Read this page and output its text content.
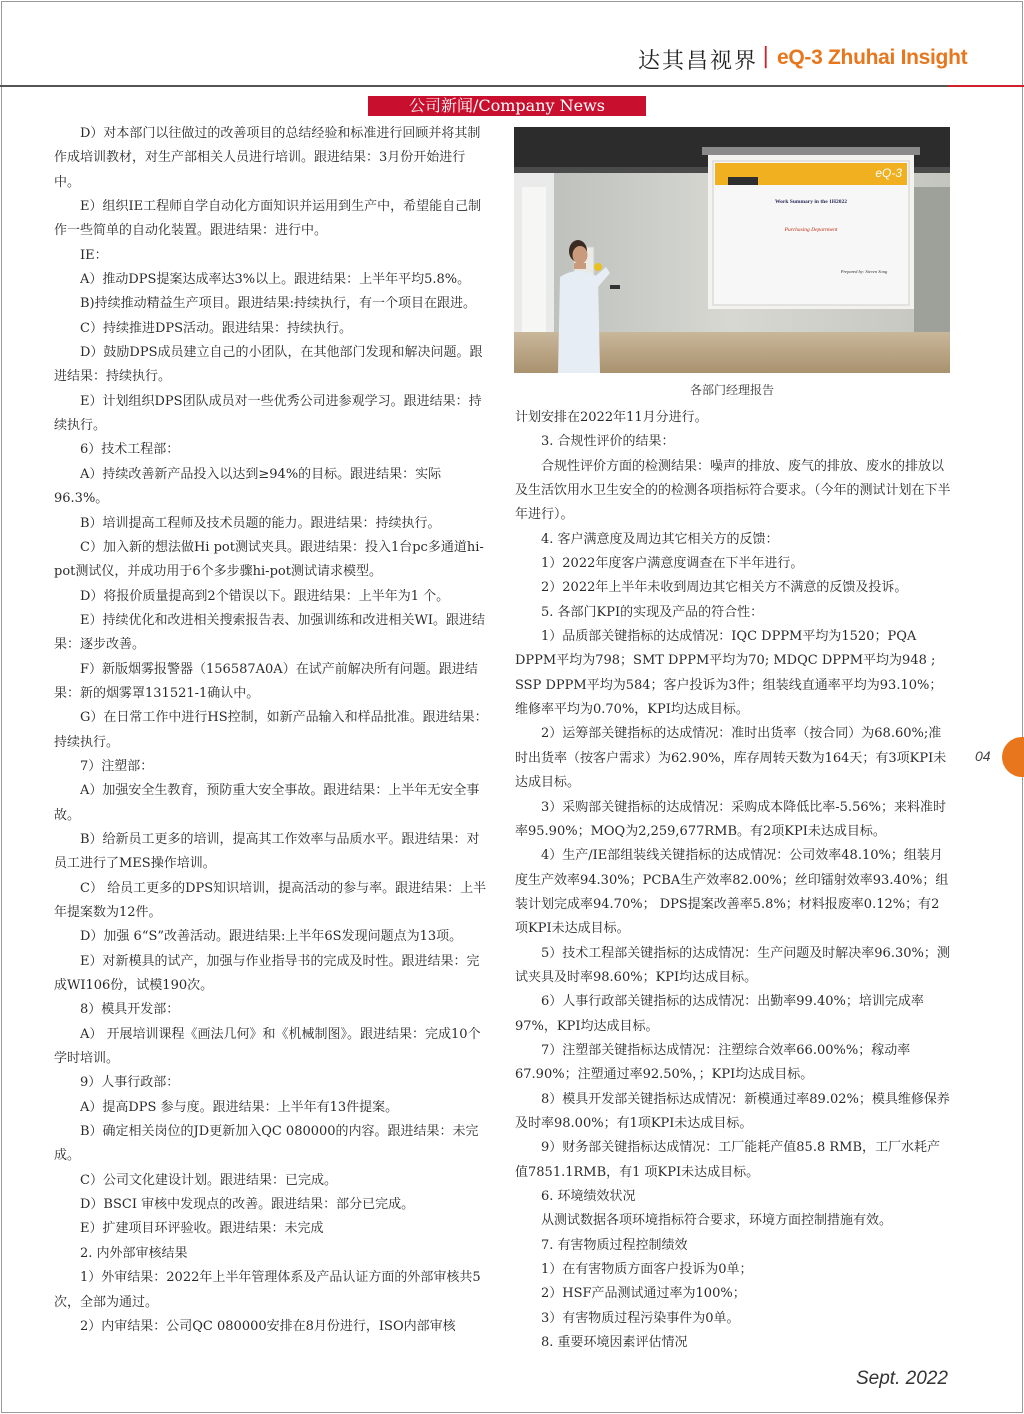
达其昌视界 | eQ-3 Zhuhai Insight
公司新闻/Company News

D）对本部门以往做过的改善项目的总结经验和标准进行回顾并将其制作成培训教材，对生产部相关人员进行培训。跟进结果：3月份开始进行中。

E）组织IE工程师自学自动化方面知识并运用到生产中，希望能自己制作一些简单的自动化装置。跟进结果：进行中。

IE：

A）推动DPS提案达成率达3%以上。跟进结果：上半年平均5.8%。

B)持续推动精益生产项目。跟进结果:持续执行，有一个项目在跟进。

C）持续推进DPS活动。跟进结果：持续执行。

D）鼓励DPS成员建立自己的小团队，在其他部门发现和解决问题。跟进结果：持续执行。

E）计划组织DPS团队成员对一些优秀公司进参观学习。跟进结果：持续执行。

6）技术工程部：

A）持续改善新产品投入以达到≥94%的目标。跟进结果：实际96.3%。

B）培训提高工程师及技术员题的能力。跟进结果：持续执行。

C）加入新的想法做Hi pot测试夹具。跟进结果：投入1台pc多通道hi-pot测试仪，并成功用于6个多步骤hi-pot测试请求模型。

D）将报价质量提高到2个错误以下。跟进结果：上半年为1 个。

E）持续优化和改进相关搜索报告表、加强训练和改进相关WI。跟进结果：逐步改善。

F）新版烟雾报警器（156587A0A）在试产前解决所有问题。跟进结果：新的烟雾罩131521-1确认中。

G）在日常工作中进行HS控制，如新产品输入和样品批准。跟进结果：持续执行。

7）注塑部：

A）加强安全生教育，预防重大安全事故。跟进结果：上半年无安全事故。

B）给新员工更多的培训，提高其工作效率与品质水平。跟进结果：对员工进行了MES操作培训。

C） 给员工更多的DPS知识培训，提高活动的参与率。跟进结果：上半年提案数为12件。

D）加强 6“S”改善活动。跟进结果:上半年6S发现问题点为13项。

E）对新模具的试产，加强与作业指导书的完成及时性。跟进结果：完成WI106份，试模190次。

8）模具开发部：

A） 开展培训课程《画法几何》和《机械制图》。跟进结果：完成10个学时培训。

9）人事行政部：

A）提高DPS 参与度。跟进结果：上半年有13件提案。

B）确定相关岗位的JD更新加入QC 080000的内容。跟进结果：未完成。

C）公司文化建设计划。跟进结果：已完成。

D）BSCI 审核中发现点的改善。跟进结果：部分已完成。

E）扩建项目环评验收。跟进结果：未完成

2. 内外部审核结果

1）外审结果：2022年上半年管理体系及产品认证方面的外部审核共5次，全部为通过。

2）内审结果：公司QC 080000安排在8月份进行，ISO内部审核

eQ-3
Work Summary in the 1H2022
Purchasing Department
Prepared by: Steven Song
各部门经理报告

计划安排在2022年11月分进行。

3. 合规性评价的结果：

合规性评价方面的检测结果：噪声的排放、废气的排放、废水的排放以及生活饮用水卫生安全的的检测各项指标符合要求。（今年的测试计划在下半年进行）。

4. 客户满意度及周边其它相关方的反馈：

1）2022年度客户满意度调查在下半年进行。

2）2022年上半年未收到周边其它相关方不满意的反馈及投诉。

5. 各部门KPI的实现及产品的符合性：

1）品质部关键指标的达成情况：IQC DPPM平均为1520；PQA DPPM平均为798；SMT DPPM平均为70; MDQC DPPM平均为948 ; SSP DPPM平均为584；客户投诉为3件；组装线直通率平均为93.10%；维修率平均为0.70%，KPI均达成目标。

2）运筹部关键指标的达成情况：准时出货率（按合同）为68.60%;准时出货率（按客户需求）为62.90%，库存周转天数为164天；有3项KPI未达成目标。

3）采购部关键指标的达成情况：采购成本降低比率-5.56%；来料准时率95.90%；MOQ为2,259,677RMB。有2项KPI未达成目标。

4）生产/IE部组装线关键指标的达成情况：公司效率48.10%；组装月度生产效率94.30%；PCBA生产效率82.00%；丝印镭射效率93.40%；组装计划完成率94.70%； DPS提案改善率5.8%；材料报废率0.12%；有2项KPI未达成目标。

5）技术工程部关键指标的达成情况：生产问题及时解决率96.30%；测试夹具及时率98.60%；KPI均达成目标。

6）人事行政部关键指标的达成情况：出勤率99.40%；培训完成率97%，KPI均达成目标。

7）注塑部关键指标达成情况：注塑综合效率66.00%%；稼动率67.90%；注塑通过率92.50%，；KPI均达成目标。

8）模具开发部关键指标达成情况：新模通过率89.02%；模具维修保养及时率98.00%；有1项KPI未达成目标。

9）财务部关键指标达成情况：工厂能耗产值85.8 RMB，工厂水耗产值7851.1RMB，有1 项KPI未达成目标。

6. 环境绩效状况

从测试数据各项环境指标符合要求，环境方面控制措施有效。

7. 有害物质过程控制绩效

1）在有害物质方面客户投诉为0单；

2）HSF产品测试通过率为100%；

3）有害物质过程污染事件为0单。

8. 重要环境因素评估情况

04
Sept. 2022
